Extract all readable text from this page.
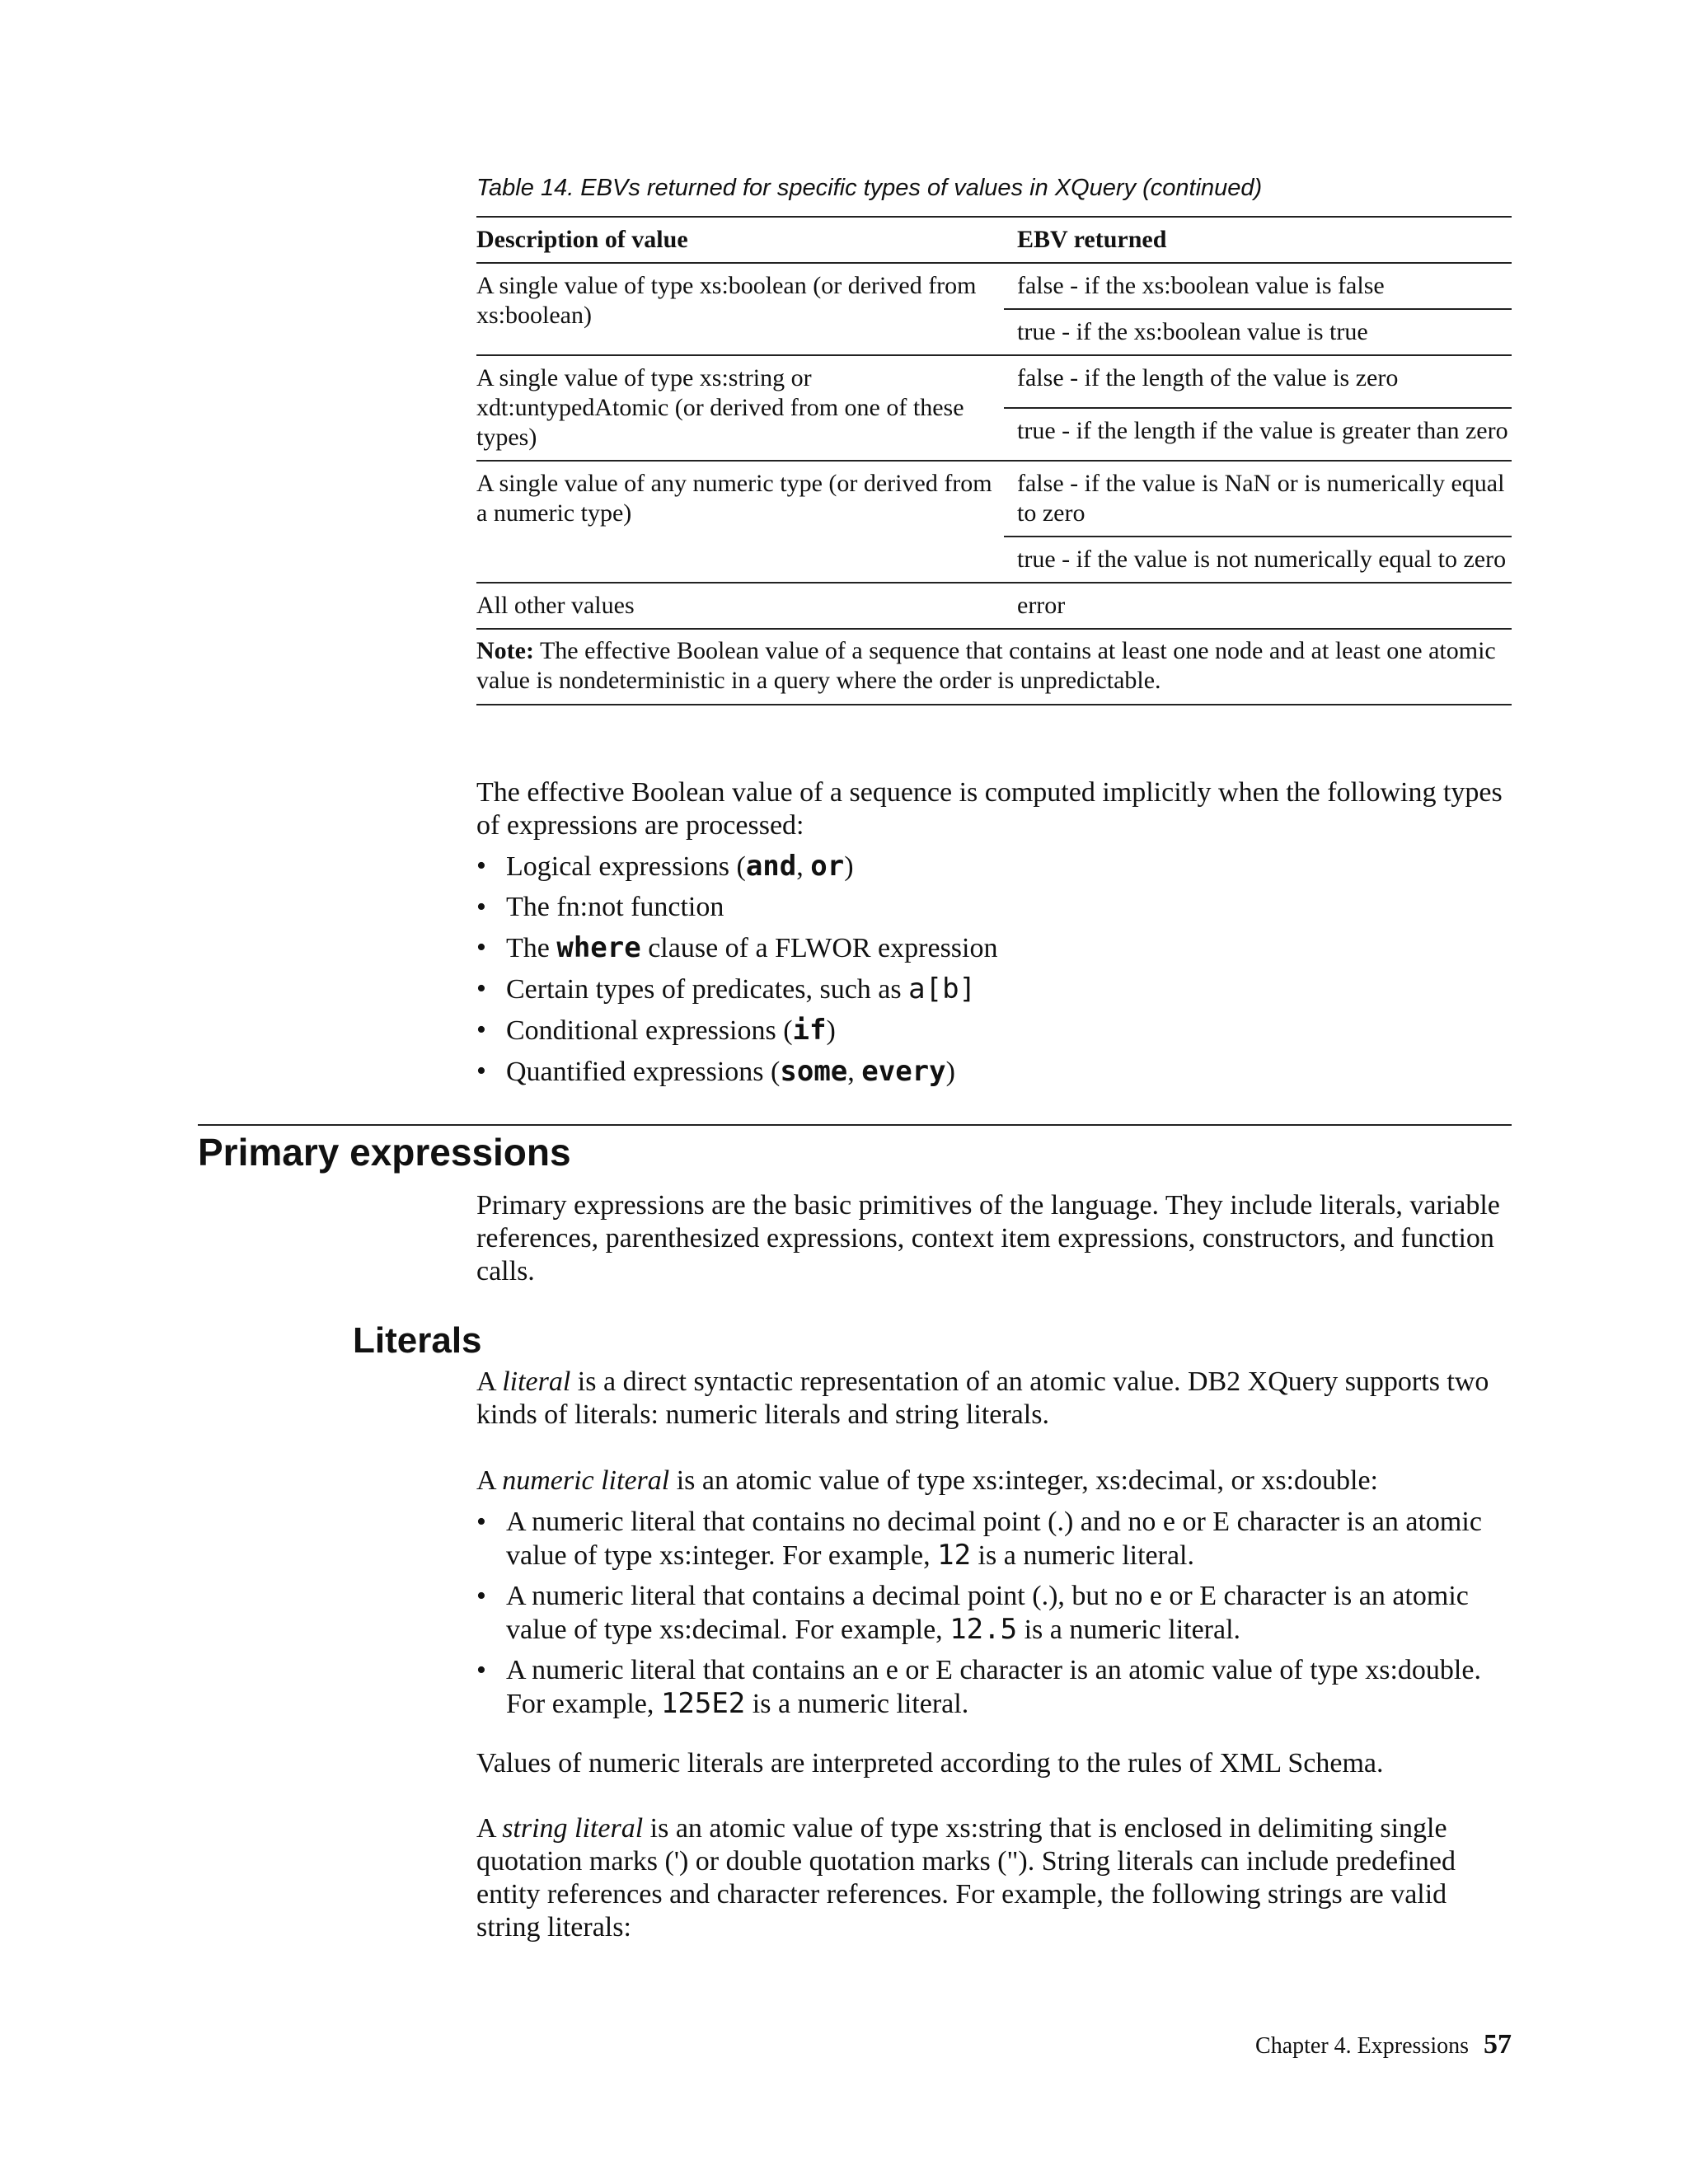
Table 14. EBVs returned for specific types of values in XQuery (continued)
Description of value	EBV returned
A single value of type xs:boolean (or derived from xs:boolean)	false - if the xs:boolean value is false
	true - if the xs:boolean value is true
A single value of type xs:string or xdt:untypedAtomic (or derived from one of these types)	false - if the length of the value is zero
	true - if the length if the value is greater than zero
A single value of any numeric type (or derived from a numeric type)	false - if the value is NaN or is numerically equal to zero
	true - if the value is not numerically equal to zero
All other values	error
Note: The effective Boolean value of a sequence that contains at least one node and at least one atomic value is nondeterministic in a query where the order is unpredictable.	

The effective Boolean value of a sequence is computed implicitly when the following types of expressions are processed:

• Logical expressions (and, or)
• The fn:not function
• The where clause of a FLWOR expression
• Certain types of predicates, such as a[b]
• Conditional expressions (if)
• Quantified expressions (some, every)
Primary expressions

Primary expressions are the basic primitives of the language. They include literals, variable references, parenthesized expressions, context item expressions, constructors, and function calls.

Literals

A literal is a direct syntactic representation of an atomic value. DB2 XQuery supports two kinds of literals: numeric literals and string literals.

A numeric literal is an atomic value of type xs:integer, xs:decimal, or xs:double:

• A numeric literal that contains no decimal point (.) and no e or E character is an atomic value of type xs:integer. For example, 12 is a numeric literal.
• A numeric literal that contains a decimal point (.), but no e or E character is an atomic value of type xs:decimal. For example, 12.5 is a numeric literal.
• A numeric literal that contains an e or E character is an atomic value of type xs:double. For example, 125E2 is a numeric literal.

Values of numeric literals are interpreted according to the rules of XML Schema.

A string literal is an atomic value of type xs:string that is enclosed in delimiting single quotation marks (') or double quotation marks ("). String literals can include predefined entity references and character references. For example, the following strings are valid string literals:

Chapter 4. Expressions 57
